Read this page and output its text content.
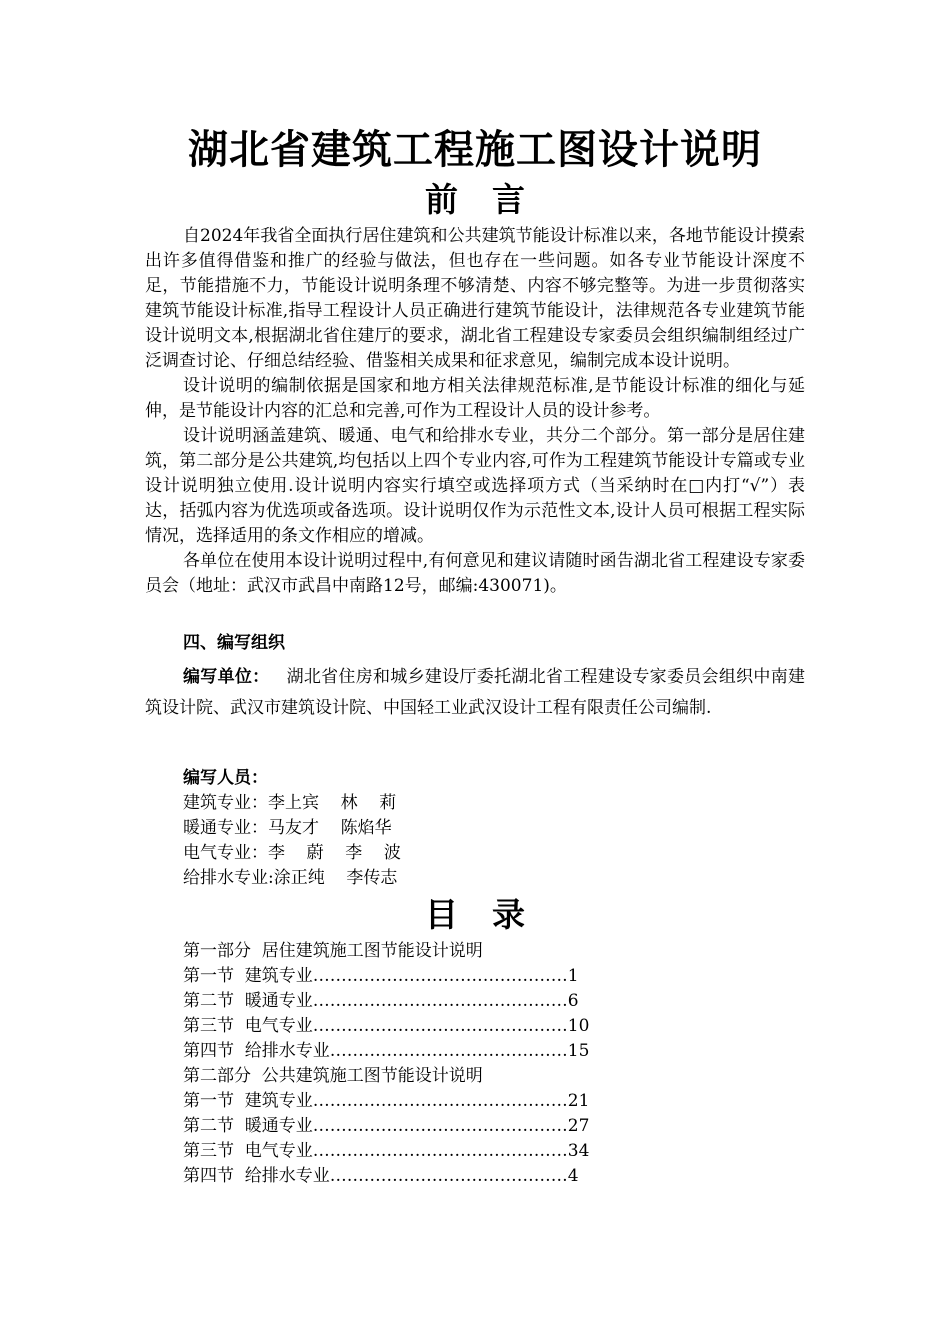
湖北省建筑工程施工图设计说明
前言

自2024年我省全面执行居住建筑和公共建筑节能设计标准以来，各地节能设计摸索出许多值得借鉴和推广的经验与做法，但也存在一些问题。如各专业节能设计深度不足，节能措施不力，节能设计说明条理不够清楚、内容不够完整等。为进一步贯彻落实建筑节能设计标准,指导工程设计人员正确进行建筑节能设计，法律规范各专业建筑节能设计说明文本,根据湖北省住建厅的要求，湖北省工程建设专家委员会组织编制组经过广泛调查讨论、仔细总结经验、借鉴相关成果和征求意见，编制完成本设计说明。

设计说明的编制依据是国家和地方相关法律规范标准,是节能设计标准的细化与延伸，是节能设计内容的汇总和完善,可作为工程设计人员的设计参考。

设计说明涵盖建筑、暖通、电气和给排水专业，共分二个部分。第一部分是居住建筑，第二部分是公共建筑,均包括以上四个专业内容,可作为工程建筑节能设计专篇或专业设计说明独立使用.设计说明内容实行填空或选择项方式（当采纳时在□内打“√”）表达，括弧内容为优选项或备选项。设计说明仅作为示范性文本,设计人员可根据工程实际情况，选择适用的条文作相应的增减。

各单位在使用本设计说明过程中,有何意见和建议请随时函告湖北省工程建设专家委员会（地址：武汉市武昌中南路12号，邮编:430071)。

四、编写组织

编写单位： 湖北省住房和城乡建设厅委托湖北省工程建设专家委员会组织中南建筑设计院、武汉市建筑设计院、中国轻工业武汉设计工程有限责任公司编制.

编写人员：
建筑专业：李上宾    林    莉
暖通专业：马友才    陈焰华
电气专业：李    蔚    李    波
给排水专业:涂正纯    李传志
目录
第一部分  居住建筑施工图节能设计说明
第一节  建筑专业………………………………………1
第二节  暖通专业………………………………………6
第三节  电气专业………………………………………10
第四节  给排水专业……………………………………15
第二部分  公共建筑施工图节能设计说明
第一节  建筑专业………………………………………21
第二节  暖通专业………………………………………27
第三节  电气专业………………………………………34
第四节  给排水专业……………………………………4
